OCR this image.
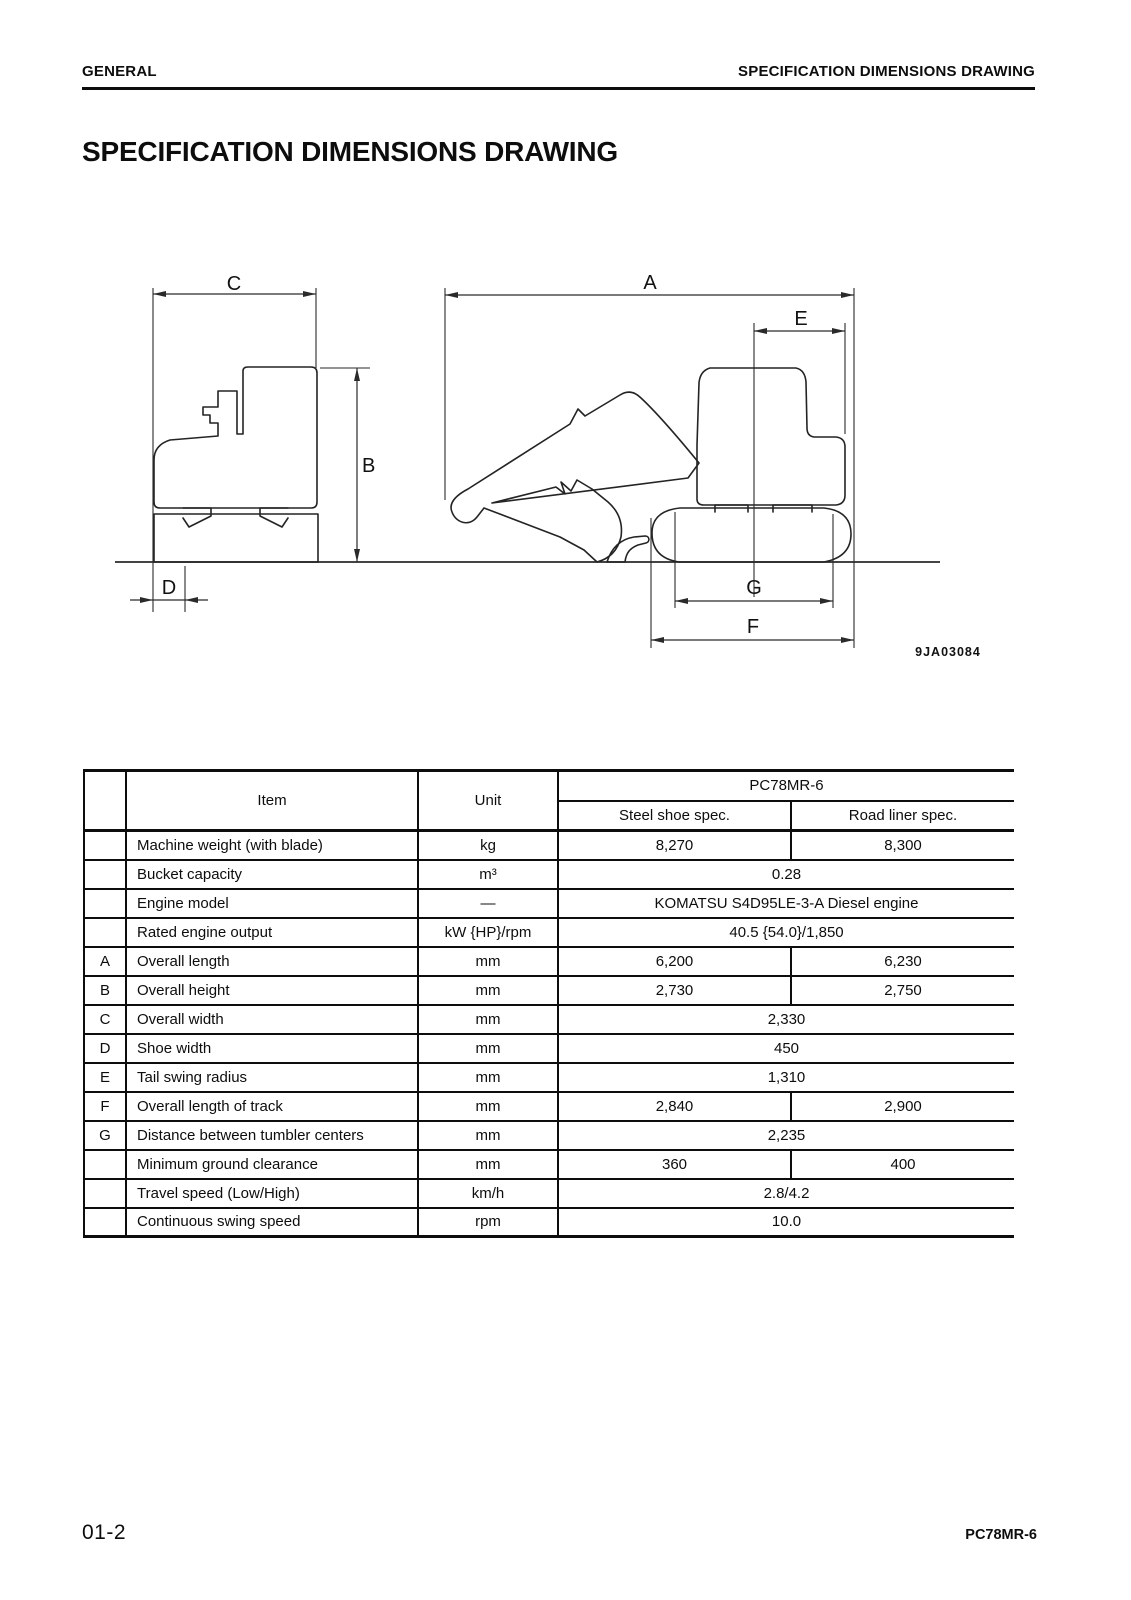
GENERAL	SPECIFICATION DIMENSIONS DRAWING
SPECIFICATION DIMENSIONS DRAWING
C
B
D
A
E
G
F
9JA03084
	Item	Unit	PC78MR-6	
			Steel shoe spec.	Road liner spec.
	Machine weight (with blade)	kg	8,270	8,300
	Bucket capacity	m³	0.28	
	Engine model	—	KOMATSU S4D95LE-3-A Diesel engine	
	Rated engine output	kW {HP}/rpm	40.5 {54.0}/1,850	
A	Overall length	mm	6,200	6,230
B	Overall height	mm	2,730	2,750
C	Overall width	mm	2,330	
D	Shoe width	mm	450	
E	Tail swing radius	mm	1,310	
F	Overall length of track	mm	2,840	2,900
G	Distance between tumbler centers	mm	2,235	
	Minimum ground clearance	mm	360	400
	Travel speed (Low/High)	km/h	2.8/4.2	
	Continuous swing speed	rpm	10.0	
01-2	PC78MR-6
